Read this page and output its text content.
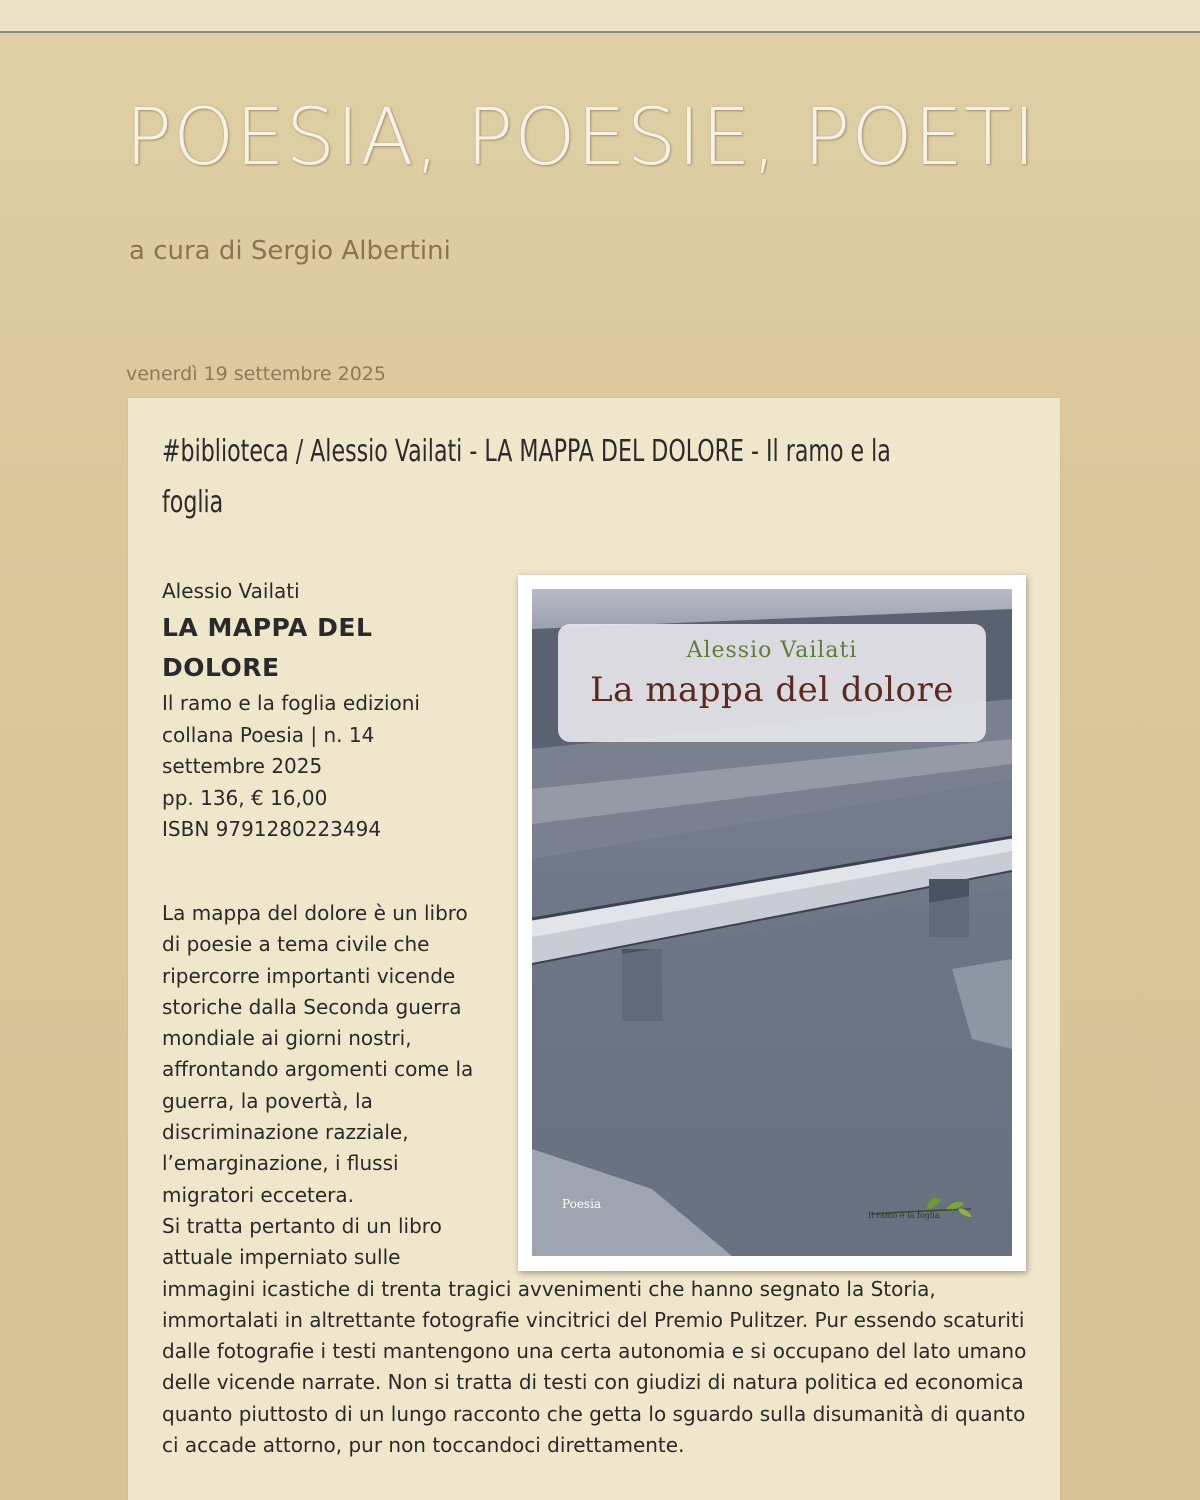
POESIA, POESIE, POETI
a cura di Sergio Albertini
venerdì 19 settembre 2025
#biblioteca / Alessio Vailati - LA MAPPA DEL DOLORE - Il ramo e la
foglia
Alessio Vailati
LA MAPPA DEL
DOLORE
Il ramo e la foglia edizioni
collana Poesia | n. 14
settembre 2025
pp. 136, € 16,00
ISBN 9791280223494
La mappa del dolore è un libro di poesie a tema civile che ripercorre importanti vicende storiche dalla Seconda guerra mondiale ai giorni nostri, affrontando argomenti come la guerra, la povertà, la discriminazione razziale, l’emarginazione, i flussi migratori eccetera.
Si tratta pertanto di un libro attuale imperniato sulle immagini icastiche di trenta tragici avvenimenti che hanno segnato la Storia, immortalati in altrettante fotografie vincitrici del Premio Pulitzer. Pur essendo scaturiti dalle fotografie i testi mantengono una certa autonomia e si occupano del lato umano delle vicende narrate. Non si tratta di testi con giudizi di natura politica ed economica quanto piuttosto di un lungo racconto che getta lo sguardo sulla disumanità di quanto ci accade attorno, pur non toccandoci direttamente.
Alessio Vailati
La mappa del dolore
Poesia
Il ramo e la foglia
